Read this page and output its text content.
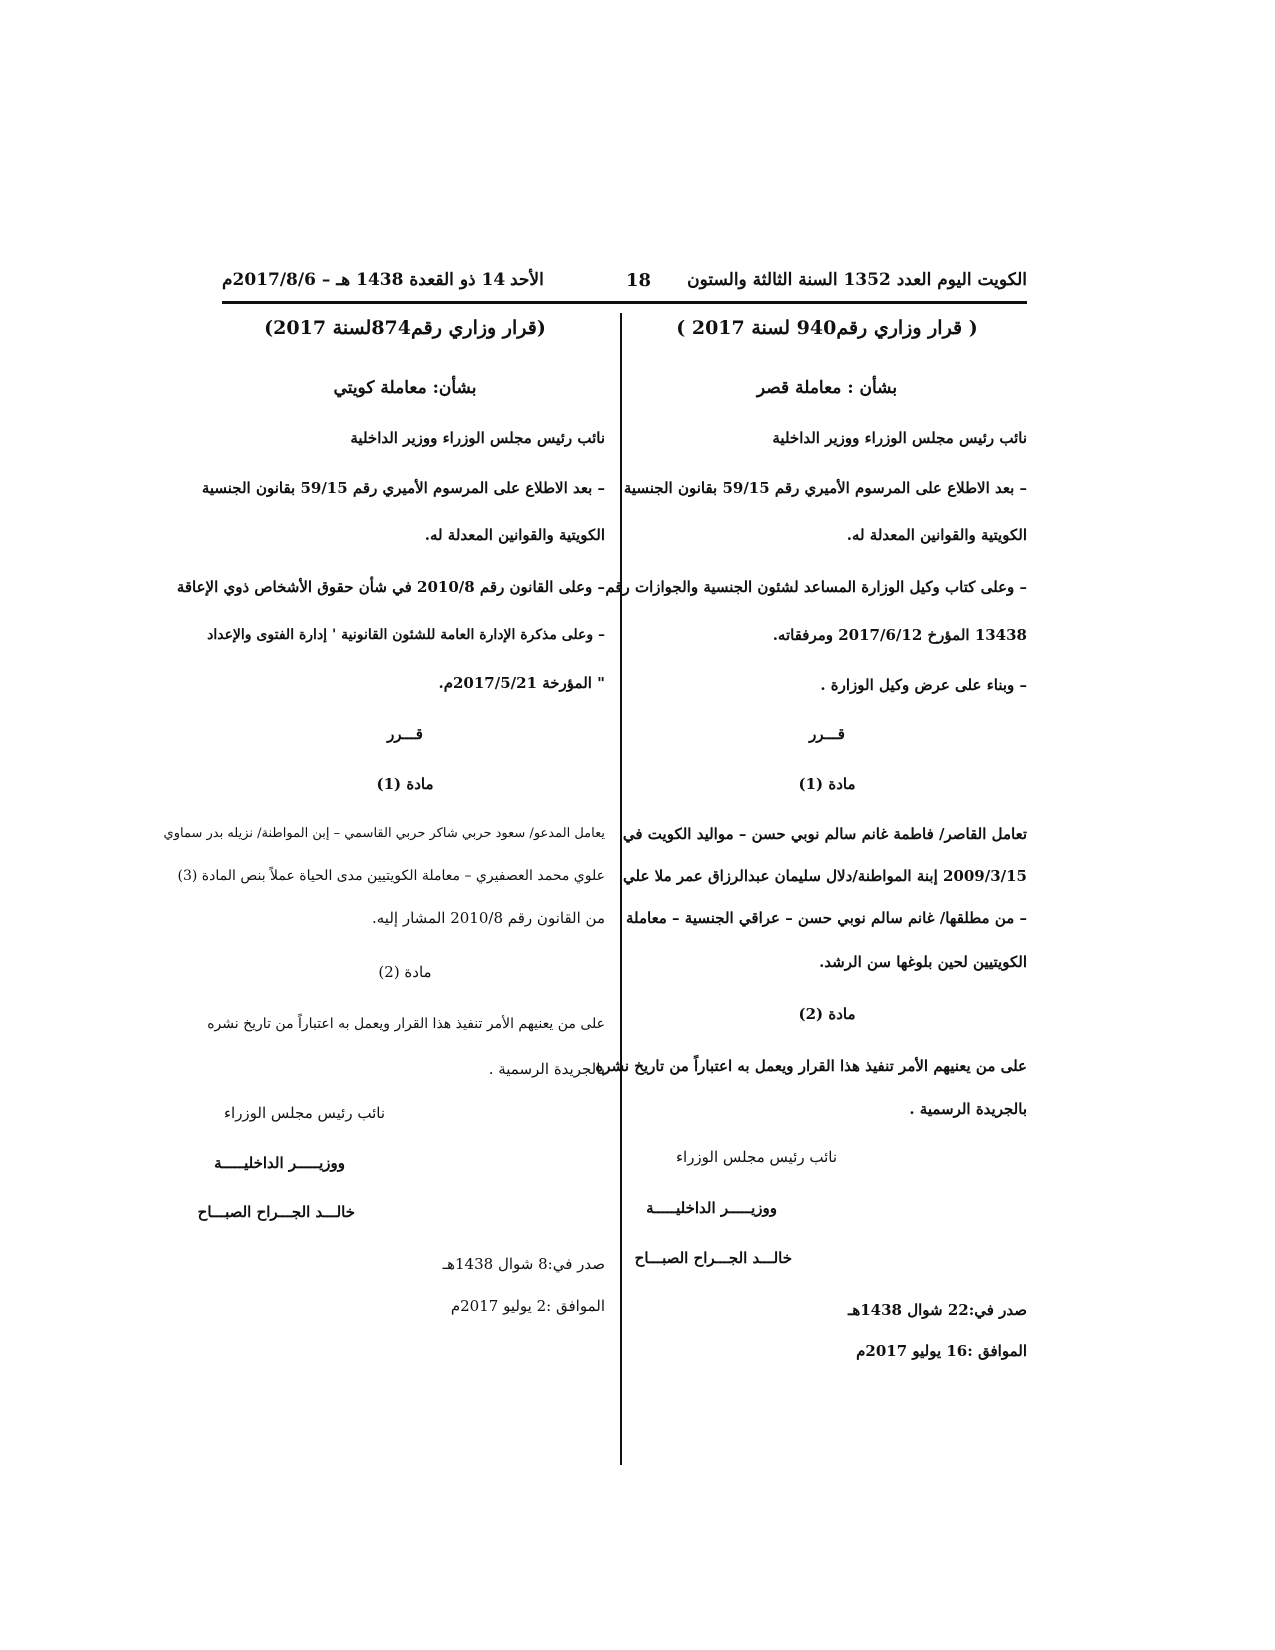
الكويت اليوم العدد 1352 السنة الثالثة والستون
18
الأحد
14 ذو القعدة 1438 هـ – 2017/8/6م
( قرار وزاري رقم940 لسنة 2017 )
بشأن : معاملة قصر
نائب رئيس مجلس الوزراء ووزير الداخلية
– بعد الاطلاع على المرسوم الأميري رقم 59/15 بقانون الجنسية
الكويتية والقوانين المعدلة له.
– وعلى كتاب وكيل الوزارة المساعد لشئون الجنسية والجوازات رقم
13438 المؤرخ 2017/6/12 ومرفقاته.
– وبناء على عرض وكيل الوزارة .
قـــرر
مادة (1)
تعامل القاصر/ فاطمة غانم سالم نوبي حسن – مواليد الكويت في
2009/3/15 إبنة المواطنة/دلال سليمان عبدالرزاق عمر ملا علي
– من مطلقها/ غانم سالم نوبي حسن – عراقي الجنسية – معاملة
الكويتيين لحين بلوغها سن الرشد.
مادة (2)
على من يعنيهم الأمر تنفيذ هذا القرار ويعمل به اعتباراً من تاريخ نشره
بالجريدة الرسمية .
نائب رئيس مجلس الوزراء
ووزيـــــر الداخليـــــة
خالـــد الجـــراح الصبـــاح
صدر في:22 شوال 1438هـ
الموافق :16 يوليو 2017م
(قرار وزاري رقم874لسنة 2017)
بشأن: معاملة كويتي
نائب رئيس مجلس الوزراء ووزير الداخلية
– بعد الاطلاع على المرسوم الأميري رقم 59/15 بقانون الجنسية
الكويتية والقوانين المعدلة له.
– وعلى القانون رقم 2010/8 في شأن حقوق الأشخاص ذوي الإعاقة
– وعلى مذكرة الإدارة العامة للشئون القانونية ' إدارة الفتوى والإعداد
" المؤرخة 2017/5/21م.
قـــرر
مادة (1)
يعامل المدعو/ سعود حربي شاكر حربي القاسمي – إبن المواطنة/ نزيله بدر سماوي
علوي محمد العصفيري – معاملة الكويتيين مدى الحياة عملاً بنص المادة (3)
من القانون رقم 2010/8 المشار إليه.
مادة (2)
على من يعنيهم الأمر تنفيذ هذا القرار ويعمل به اعتباراً من تاريخ نشره
بالجريدة الرسمية .
نائب رئيس مجلس الوزراء
ووزيـــــر الداخليـــــة
خالـــد الجـــراح الصبـــاح
صدر في:8 شوال 1438هـ
الموافق :2 يوليو 2017م
